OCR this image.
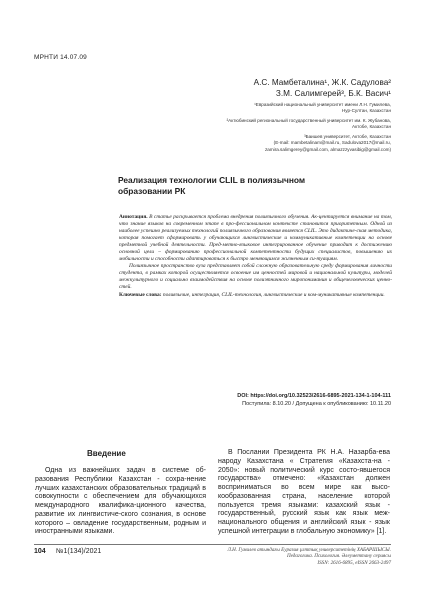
МРНТИ 14.07.09
А.С. Мамбеталина¹, Ж.К. Садулова²
З.М. Салимгерей³, Б.К. Васич¹

¹Евразийский национальный университет имени Л.Н. Гумилева,

Нур-Султан, Казахстан

²Актюбинский региональный государственный университет им. К. Жубанова,

Актобе, Казахстан

³Баишев университет, Актобе, Казахстан

(E-mail: mambetalinam@mail.ru, Sadulova2017@mail.ru,

zamira.salimgerey@gmail.com, almazzzyvasibig@gmail.com)

Реализация технологии CLIL в полиязычном
образовании РК

Аннотация. В статье раскрывается проблема внедрения полиязычного обучения. Ак-центируется внимание на том, что знание языков на современном этапе в про-фессиональном контексте становится приоритетным. Одной из наиболее успешно реализуемых технологий полиязычного образования является CLIL. Это дидактиче-ская методика, которая помогает сформировать у обучающихся лингвистические и коммуникативные компетенции на основе предметной учебной деятельности. Пред-метно-языковое интегрированное обучение приводит к достижению основной цели – формированию профессиональной компетентности будущих специалистов, повышению их мобильности и способности адаптироваться к быстро меняющимся жизненным си-туациям.

Полиязычное пространство вуза представляет собой сложную образовательную среду формирования личности студента, в рамках которой осуществляется освоение им ценностей мировой и национальной культуры, моделей межкультурного и социально взаимодействия на основе полиэтничного миропонимания и общечеловеческих ценно-стей.

Ключевые слова: полиязычие, интеграция, CLIL-технология, лингвистические и ком-муникативные компетенции.

DOI: https://doi.org/10.32523/2616-6895-2021-134-1-104-111
Поступила: 8.10.20 / Допущена к опубликованию: 10.11.20
Введение

Одна из важнейших задач в системе об-разования Республики Казахстан - сохра-нение лучших казахстанских образовательных традиций в совокупности с обеспечением для обучающихся международного квалифика-ционного качества, развитие их лингвистиче-ского сознания, в основе которого – овладение государственным, родным и иностранными языками.

В Послании Президента РК Н.А. Назарба-ева народу Казахстана « Стратегия «Казахста-на - 2050»: новый политический курс состо-явшегося государства» отмечено: «Казахстан должен восприниматься во всем мире как высо-кообразованная страна, население которой пользуется тремя языками: казахский язык - государственный, русский язык как язык меж-национального общения и английский язык - язык успешной интеграции в глобальную экономику» [1].

104 №1(134)/2021	Л.Н. Гумилев атындағы Еуразия ұлттық университетінің ХАБАРШЫСЫ.
Педагогика. Психология. Әлеуметтану сериясы
ISSN: 2616-6895, eISSN 2663-2497
